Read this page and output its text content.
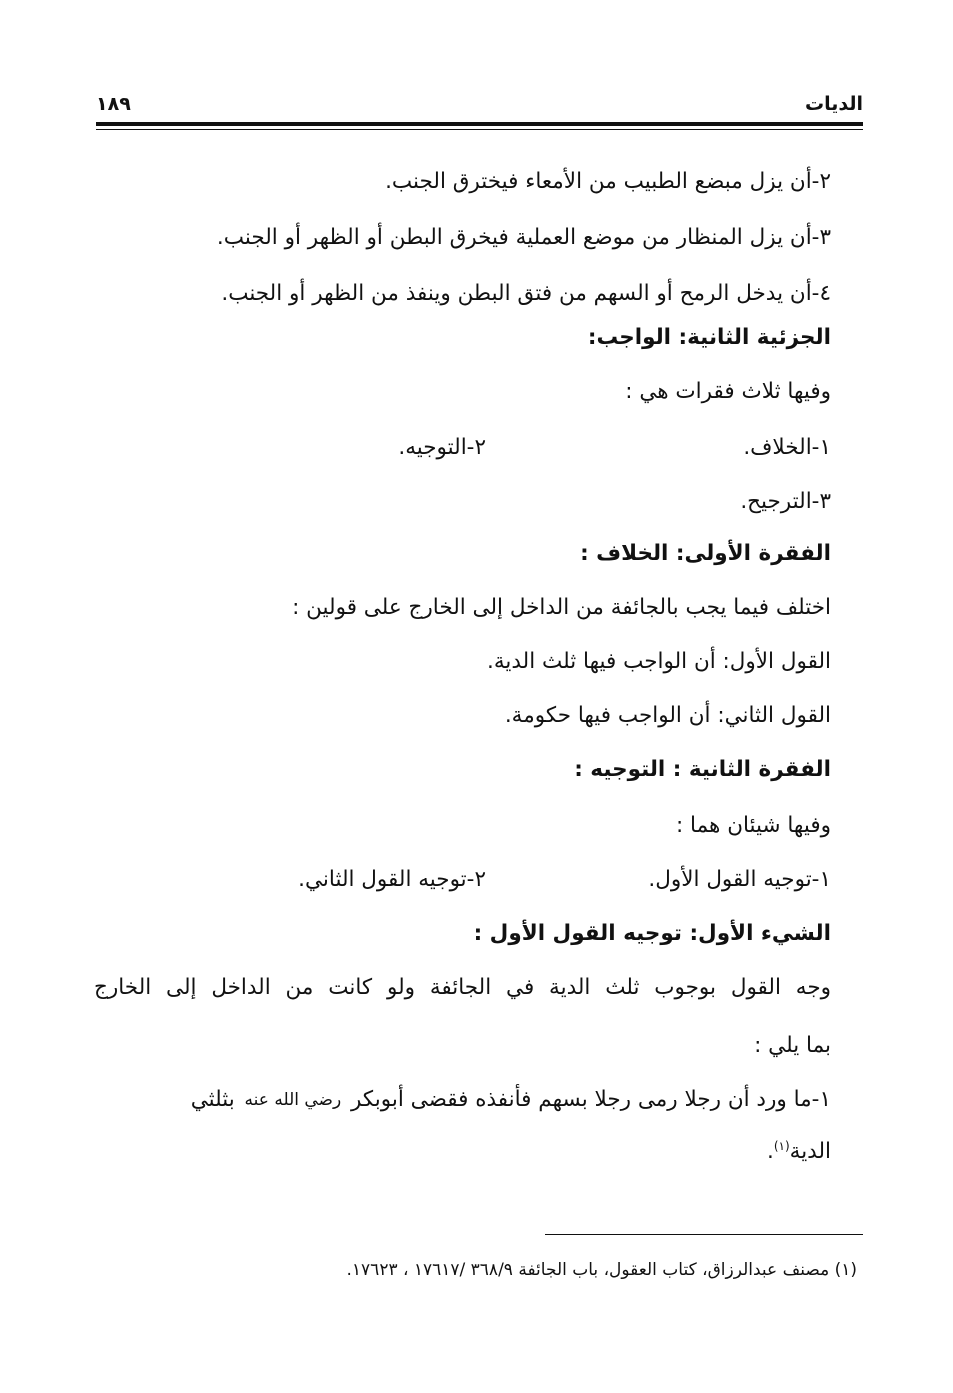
الديات
١٨٩
٢-أن يزل مبضع الطبيب من الأمعاء فيخترق الجنب.
٣-أن يزل المنظار من موضع العملية فيخرق البطن أو الظهر أو الجنب.
٤-أن يدخل الرمح أو السهم من فتق البطن وينفذ من الظهر أو الجنب.
الجزئية الثانية: الواجب:
وفيها ثلاث فقرات هي :
١-الخلاف.
٢-التوجيه.
٣-الترجيح.
الفقرة الأولى: الخلاف :
اختلف فيما يجب بالجائفة من الداخل إلى الخارج على قولين :
القول الأول: أن الواجب فيها ثلث الدية.
القول الثاني: أن الواجب فيها حكومة.
الفقرة الثانية : التوجيه :
وفيها شيئان هما :
١-توجيه القول الأول.
٢-توجيه القول الثاني.
الشيء الأول: توجيه القول الأول :
وجه القول بوجوب ثلث الدية في الجائفة ولو كانت من الداخل إلى الخارج
بما يلي :
١-ما ورد أن رجلا رمى رجلا بسهم فأنفذه فقضى أبوبكر رضي الله عنه بثلثي
الدية$^{(١)}$.
(١) مصنف عبدالرزاق، كتاب العقول، باب الجائفة ٣٦٨/٩ /١٧٦١٧ ، ١٧٦٢٣.
